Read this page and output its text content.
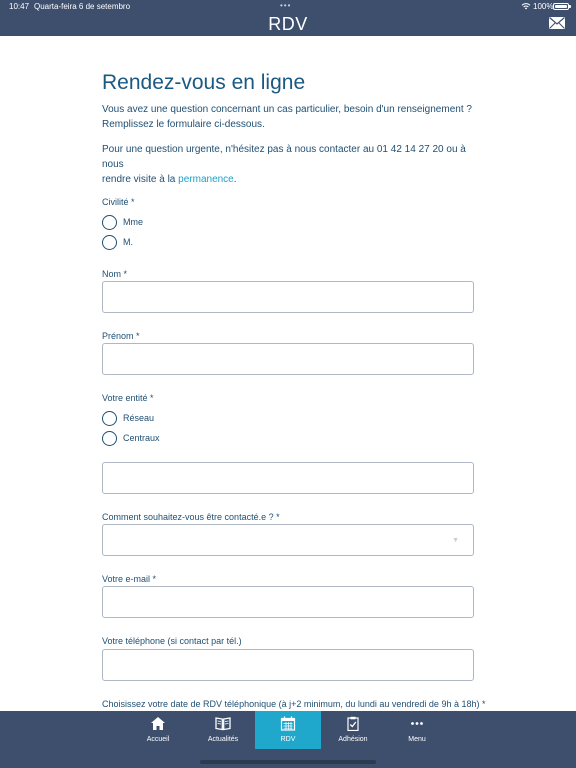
10:47 Quarta-feira 6 de setembro	•••	100%
RDV
Rendez-vous en ligne

Vous avez une question concernant un cas particulier, besoin d'un renseignement ?
Remplissez le formulaire ci-dessous.

Pour une question urgente, n'hésitez pas à nous contacter au 01 42 14 27 20 ou à nous
rendre visite à la permanence.

Civilité *
Mme
M.
Nom *
Prénom *
Votre entité *
Réseau
Centraux
Comment souhaitez-vous être contacté.e ? *
▼
Votre e-mail *
Votre téléphone (si contact par tél.)
Choisissez votre date de RDV téléphonique (à j+2 minimum, du lundi au vendredi de 9h à 18h) *
Accueil	Actualités	RDV	Adhésion	Menu
